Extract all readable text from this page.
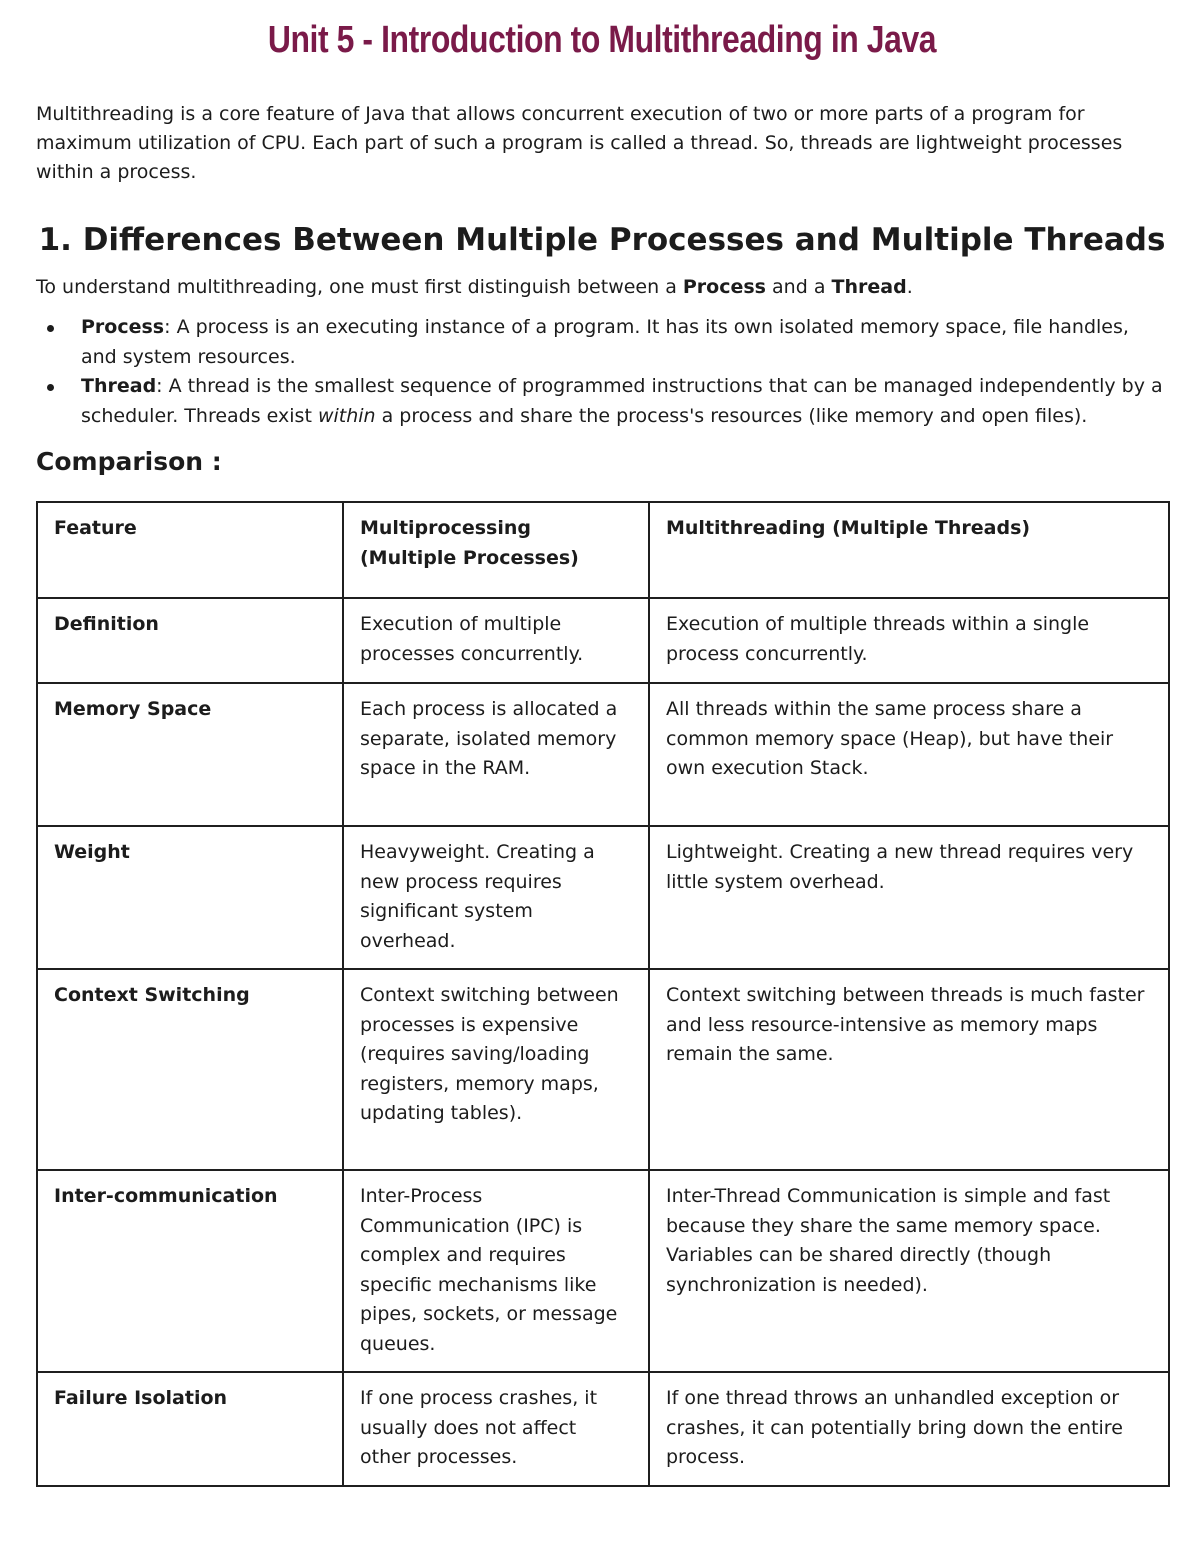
Unit 5 - Introduction to Multithreading in Java

Multithreading is a core feature of Java that allows concurrent execution of two or more parts of a program for maximum utilization of CPU. Each part of such a program is called a thread. So, threads are lightweight processes within a process.

1. Differences Between Multiple Processes and Multiple Threads

To understand multithreading, one must first distinguish between a Process and a Thread.

Process: A process is an executing instance of a program. It has its own isolated memory space, file handles, and system resources.
Thread: A thread is the smallest sequence of programmed instructions that can be managed independently by a scheduler. Threads exist within a process and share the process's resources (like memory and open files).
Comparison :
Feature	Multiprocessing (Multiple Processes)	Multithreading (Multiple Threads)
Definition	Execution of multiple processes concurrently.	Execution of multiple threads within a single process concurrently.
Memory Space	Each process is allocated a separate, isolated memory space in the RAM.	All threads within the same process share a common memory space (Heap), but have their own execution Stack.
Weight	Heavyweight. Creating a new process requires significant system overhead.	Lightweight. Creating a new thread requires very little system overhead.
Context Switching	Context switching between processes is expensive (requires saving/loading registers, memory maps, updating tables).	Context switching between threads is much faster and less resource-intensive as memory maps remain the same.
Inter-communication	Inter-Process Communication (IPC) is complex and requires specific mechanisms like pipes, sockets, or message queues.	Inter-Thread Communication is simple and fast because they share the same memory space. Variables can be shared directly (though synchronization is needed).
Failure Isolation	If one process crashes, it usually does not affect other processes.	If one thread throws an unhandled exception or crashes, it can potentially bring down the entire process.
